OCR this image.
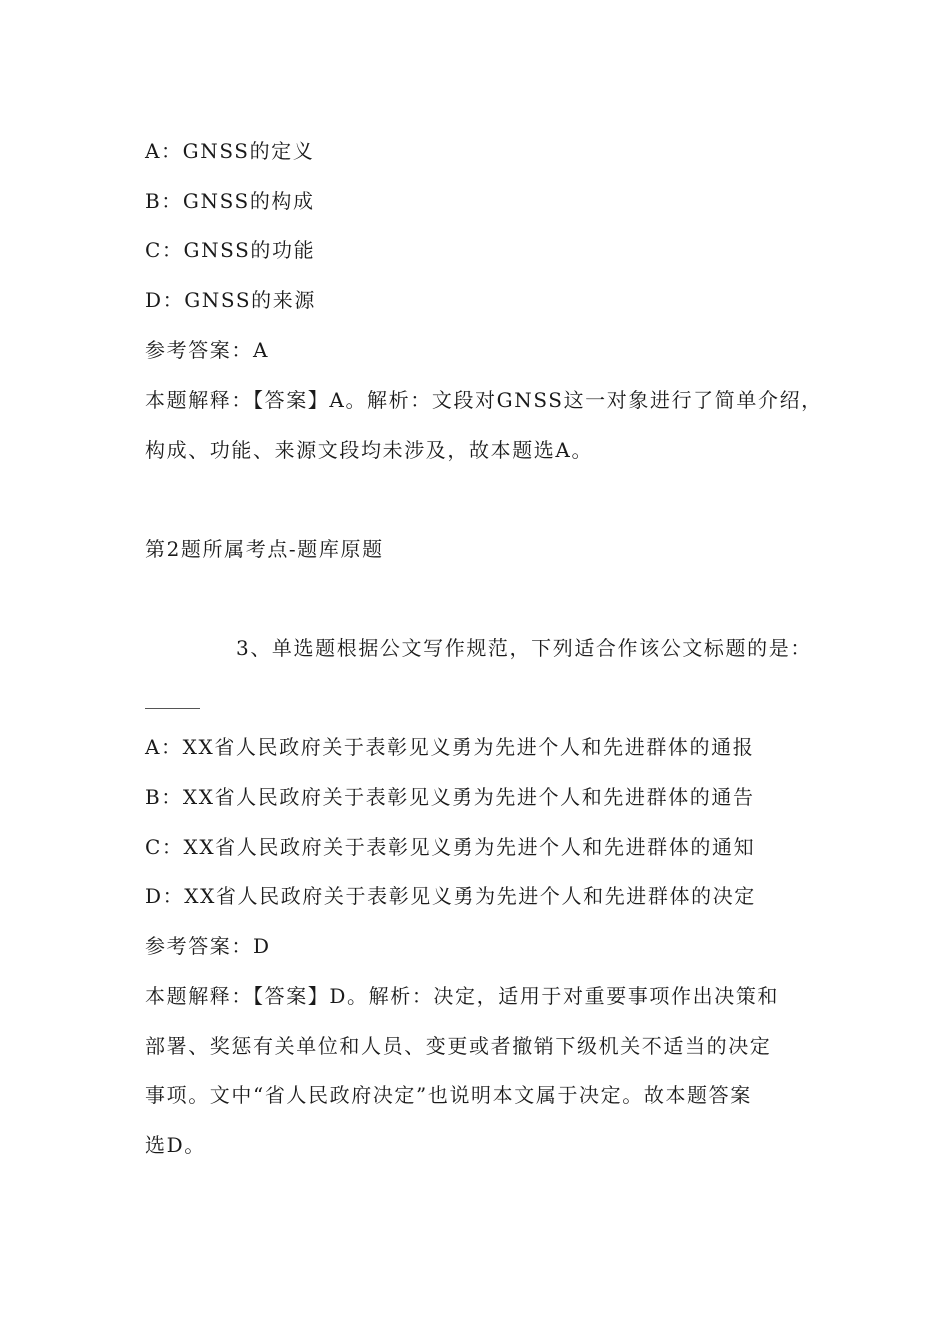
A：GNSS的定义
B：GNSS的构成
C：GNSS的功能
D：GNSS的来源
参考答案：A
本题解释：【答案】A。解析：文段对GNSS这一对象进行了简单介绍，
构成、功能、来源文段均未涉及，故本题选A。
第2题所属考点-题库原题
3、单选题根据公文写作规范，下列适合作该公文标题的是：
A：XX省人民政府关于表彰见义勇为先进个人和先进群体的通报
B：XX省人民政府关于表彰见义勇为先进个人和先进群体的通告
C：XX省人民政府关于表彰见义勇为先进个人和先进群体的通知
D：XX省人民政府关于表彰见义勇为先进个人和先进群体的决定
参考答案：D
本题解释：【答案】D。解析：决定，适用于对重要事项作出决策和
部署、奖惩有关单位和人员、变更或者撤销下级机关不适当的决定
事项。文中“省人民政府决定”也说明本文属于决定。故本题答案
选D。
